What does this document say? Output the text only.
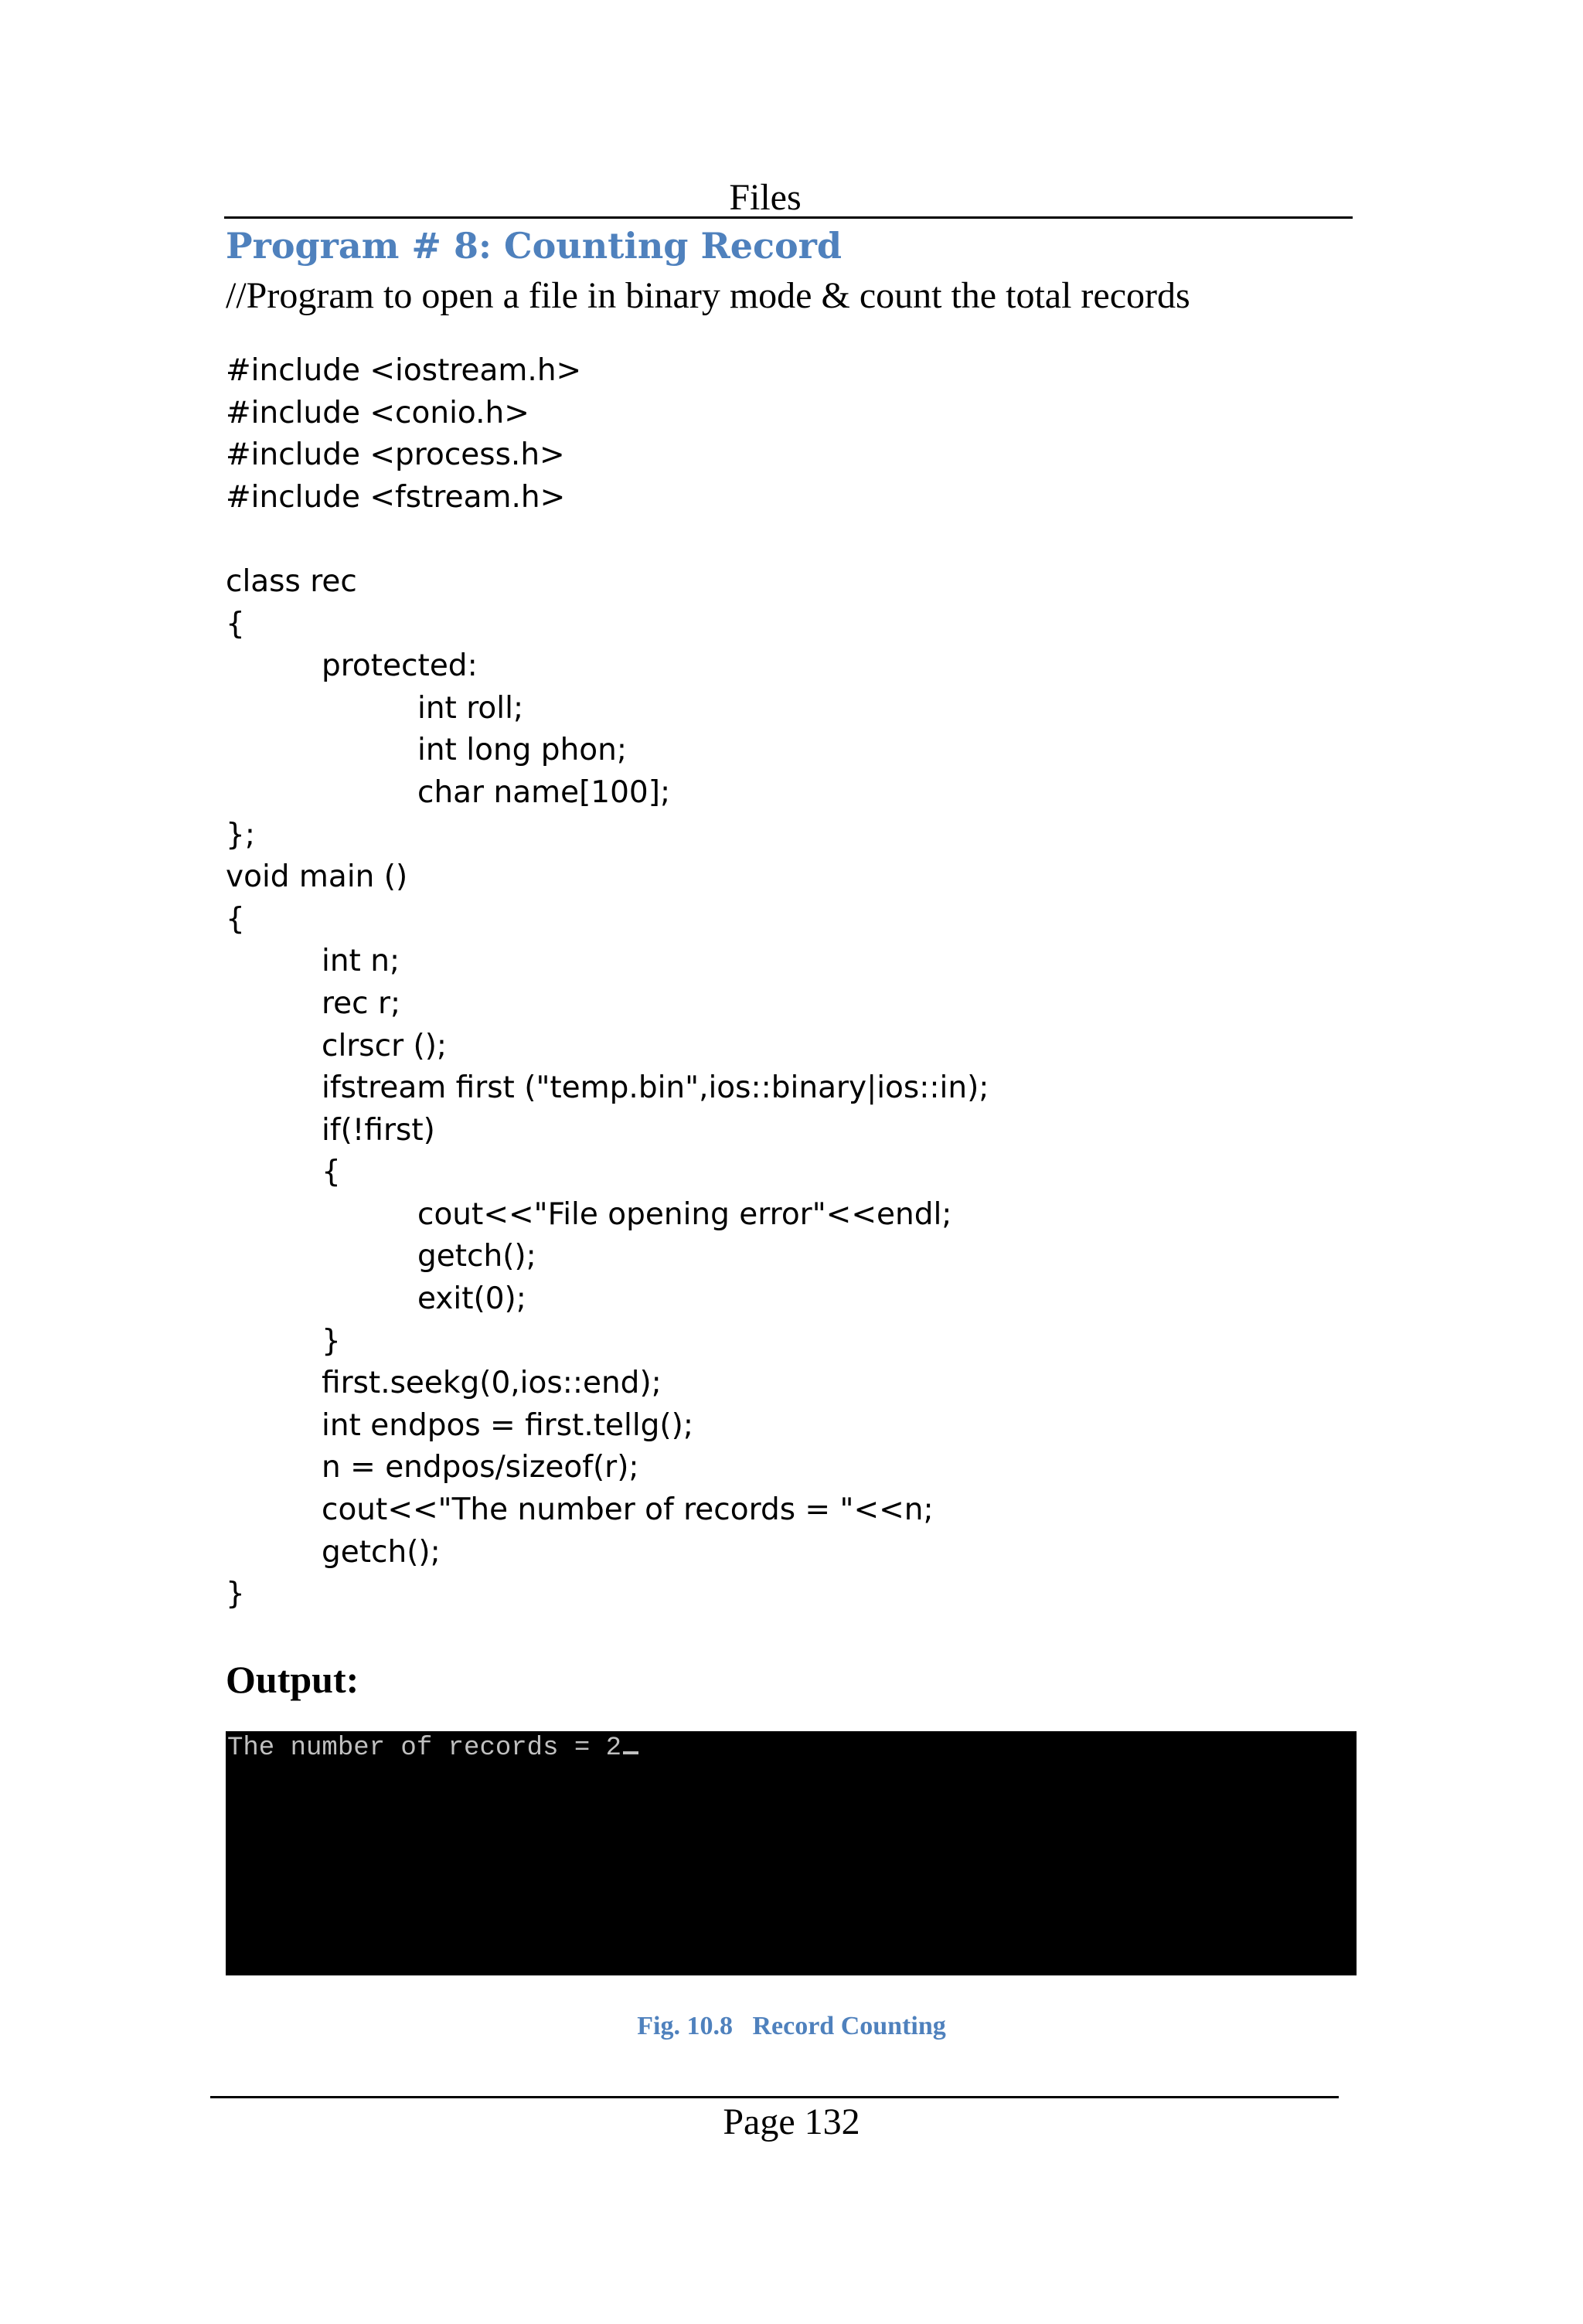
Files
Program # 8: Counting Record
//Program to open a file in binary mode & count the total records
#include <iostream.h>
#include <conio.h>
#include <process.h>
#include <fstream.h>
class rec
{
protected:
int roll;
int long phon;
char name[100];
};
void main ()
{
int n;
rec r;
clrscr ();
ifstream first ("temp.bin",ios::binary|ios::in);
if(!first)
{
cout<<"File opening error"<<endl;
getch();
exit(0);
}
first.seekg(0,ios::end);
int endpos = first.tellg();
n = endpos/sizeof(r);
cout<<"The number of records = "<<n;
getch();
}
Output:
The number of records = 2
Fig. 10.8   Record Counting
Page 132
